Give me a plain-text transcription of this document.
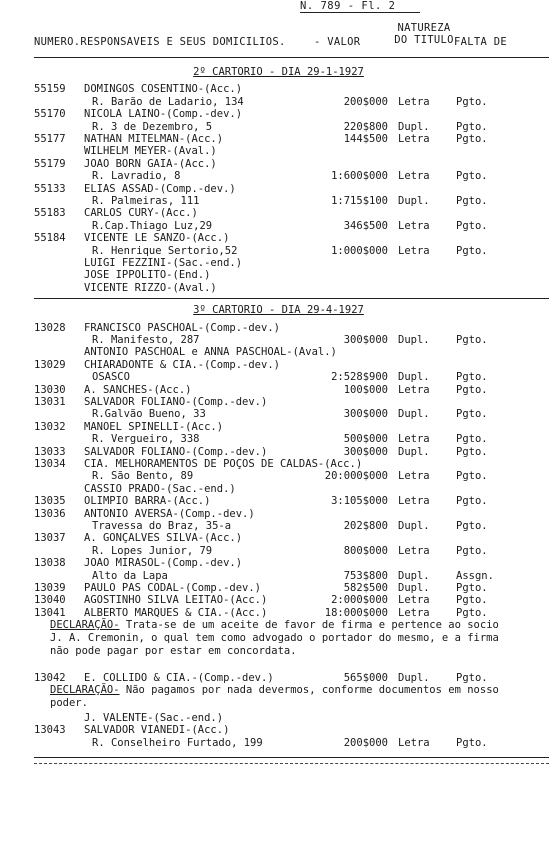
N. 789 - Fl. 2
NUMERO.RESPONSAVEIS E SEUS DOMICILIOS.	- VALOR
NATUREZA DO TITULO FALTA DE
2º CARTORIO - DIA 29-1-1927
55159 DOMINGOS COSENTINO-(Acc.)
R. Barão de Ladario, 134	200$000 Letra	Pgto.
55170 NICOLA LAINO-(Comp.-dev.)
R. 3 de Dezembro, 5	220$800 Dupl.	Pgto.
55177 NATHAN MITELMAN-(Acc.)	144$500 Letra	Pgto.
WILHELM MEYER-(Aval.)
55179 JOAO BORN GAIA-(Acc.)
R. Lavradio, 8	1:600$000 Letra	Pgto.
55133 ELIAS ASSAD-(Comp.-dev.)
R. Palmeiras, 111	1:715$100 Dupl.	Pgto.
55183 CARLOS CURY-(Acc.)
R.Cap.Thiago Luz,29	346$500 Letra	Pgto.
55184 VICENTE LE SANZO-(Acc.)
R. Henrique Sertorio,52	1:000$000 Letra	Pgto.
LUIGI FEZZINI-(Sac.-end.)
JOSE IPPOLITO-(End.)
VICENTE RIZZO-(Aval.)
3º CARTORIO - DIA 29-4-1927
13028 FRANCISCO PASCHOAL-(Comp.-dev.)
R. Manifesto, 287	300$000 Dupl.	Pgto.
ANTONIO PASCHOAL e ANNA PASCHOAL-(Aval.)
13029 CHIARADONTE & CIA.-(Comp.-dev.)
OSASCO	2:528$900 Dupl.	Pgto.
13030 A. SANCHES-(Acc.)	100$000 Letra	Pgto.
13031 SALVADOR FOLIANO-(Comp.-dev.)
R.Galvão Bueno, 33	300$000 Dupl.	Pgto.
13032 MANOEL SPINELLI-(Acc.)
R. Vergueiro, 338	500$000 Letra	Pgto.
13033 SALVADOR FOLIANO-(Comp.-dev.)	300$000 Dupl.	Pgto.
13034 CIA. MELHORAMENTOS DE POÇOS DE CALDAS-(Acc.)
R. São Bento, 89	20:000$000 Letra	Pgto.
CASSIO PRADO-(Sac.-end.)
13035 OLIMPIO BARRA-(Acc.)	3:105$000 Letra	Pgto.
13036 ANTONIO AVERSA-(Comp.-dev.)
Travessa do Braz, 35-a	202$800 Dupl.	Pgto.
13037 A. GONÇALVES SILVA-(Acc.)
R. Lopes Junior, 79	800$000 Letra	Pgto.
13038 JOAO MIRASOL-(Comp.-dev.)
Alto da Lapa	753$800 Dupl.	Assgn.
13039 PAULO PAS CODAL-(Comp.-dev.)	582$500 Dupl.	Pgto.
13040 AGOSTINHO SILVA LEITAO-(Acc.)	2:000$000 Letra	Pgto.
13041 ALBERTO MARQUES & CIA.-(Acc.)	18:000$000 Letra	Pgto.
DECLARAÇÃO- Trata-se de um aceite de favor de firma e pertence ao socio J. A. Cremonin, o qual tem como advogado o portador do mesmo, e a firma não pode pagar por estar em concordata.
13042 E. COLLIDO & CIA.-(Comp.-dev.)	565$000 Dupl.	Pgto.
DECLARAÇÃO- Não pagamos por nada devermos, conforme documentos em nosso poder.
J. VALENTE-(Sac.-end.)
13043 SALVADOR VIANEDI-(Acc.)
R. Conselheiro Furtado, 199	200$000 Letra	Pgto.
